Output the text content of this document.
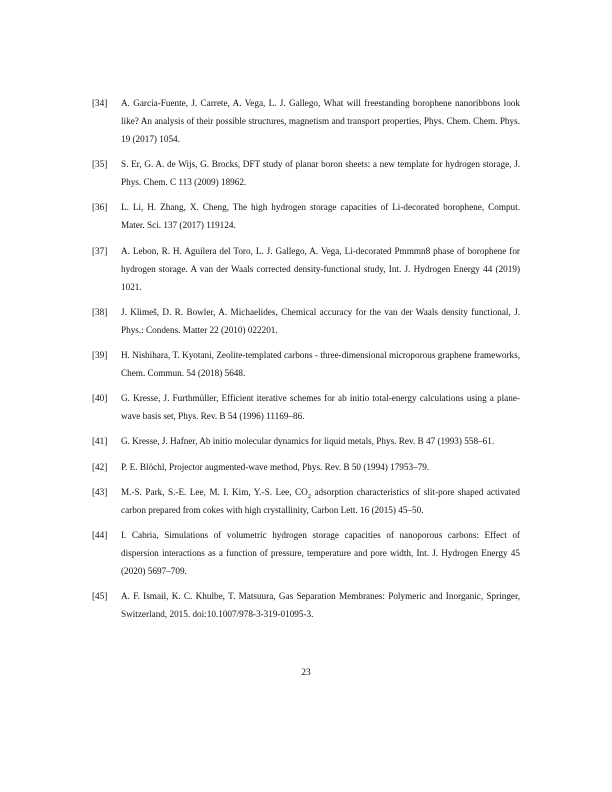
[34] A. García-Fuente, J. Carrete, A. Vega, L. J. Gallego, What will freestanding borophene nanoribbons look like? An analysis of their possible structures, magnetism and transport properties, Phys. Chem. Chem. Phys. 19 (2017) 1054.
[35] S. Er, G. A. de Wijs, G. Brocks, DFT study of planar boron sheets: a new template for hydrogen storage, J. Phys. Chem. C 113 (2009) 18962.
[36] L. Li, H. Zhang, X. Cheng, The high hydrogen storage capacities of Li-decorated borophene, Comput. Mater. Sci. 137 (2017) 119124.
[37] A. Lebon, R. H. Aguilera del Toro, L. J. Gallego, A. Vega, Li-decorated Pmmmn8 phase of borophene for hydrogen storage. A van der Waals corrected density-functional study, Int. J. Hydrogen Energy 44 (2019) 1021.
[38] J. Klimeš, D. R. Bowler, A. Michaelides, Chemical accuracy for the van der Waals density functional, J. Phys.: Condens. Matter 22 (2010) 022201.
[39] H. Nishihara, T. Kyotani, Zeolite-templated carbons - three-dimensional microporous graphene frameworks, Chem. Commun. 54 (2018) 5648.
[40] G. Kresse, J. Furthmüller, Efficient iterative schemes for ab initio total-energy calculations using a plane-wave basis set, Phys. Rev. B 54 (1996) 11169–86.
[41] G. Kresse, J. Hafner, Ab initio molecular dynamics for liquid metals, Phys. Rev. B 47 (1993) 558–61.
[42] P. E. Blöchl, Projector augmented-wave method, Phys. Rev. B 50 (1994) 17953–79.
[43] M.-S. Park, S.-E. Lee, M. I. Kim, Y.-S. Lee, $CO_2$ adsorption characteristics of slit-pore shaped activated carbon prepared from cokes with high crystallinity, Carbon Lett. 16 (2015) 45–50.
[44] I. Cabria, Simulations of volumetric hydrogen storage capacities of nanoporous carbons: Effect of dispersion interactions as a function of pressure, temperature and pore width, Int. J. Hydrogen Energy 45 (2020) 5697–709.
[45] A. F. Ismail, K. C. Khulbe, T. Matsuura, Gas Separation Membranes: Polymeric and Inorganic, Springer, Switzerland, 2015. doi:10.1007/978-3-319-01095-3.
23
